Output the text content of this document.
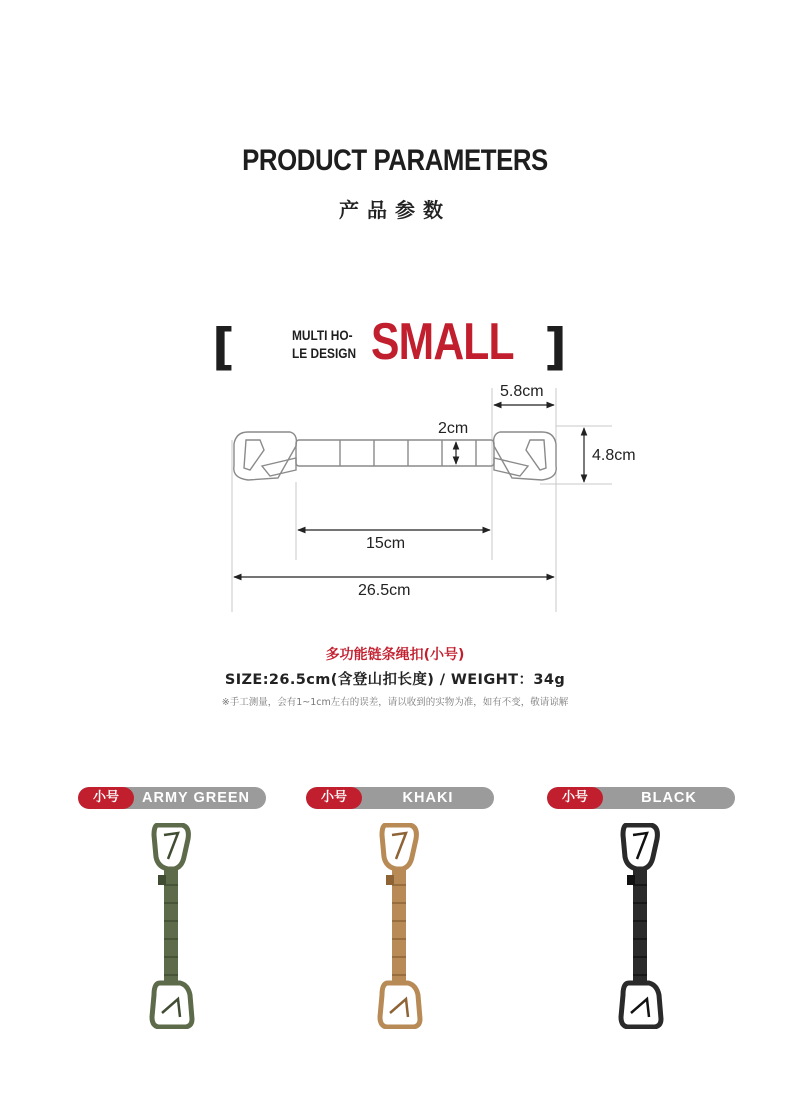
PRODUCT PARAMETERS
产品参数
[	MULTI HO-
LE DESIGN SMALL ]
5.8cm
2cm
4.8cm
15cm
26.5cm
多功能链条绳扣(小号)
SIZE:26.5cm(含登山扣长度) / WEIGHT：34g
※手工测量，会有1~1cm左右的误差，请以收到的实物为准，如有不变，敬请谅解
小号	ARMY GREEN	小号	KHAKI	小号	BLACK
